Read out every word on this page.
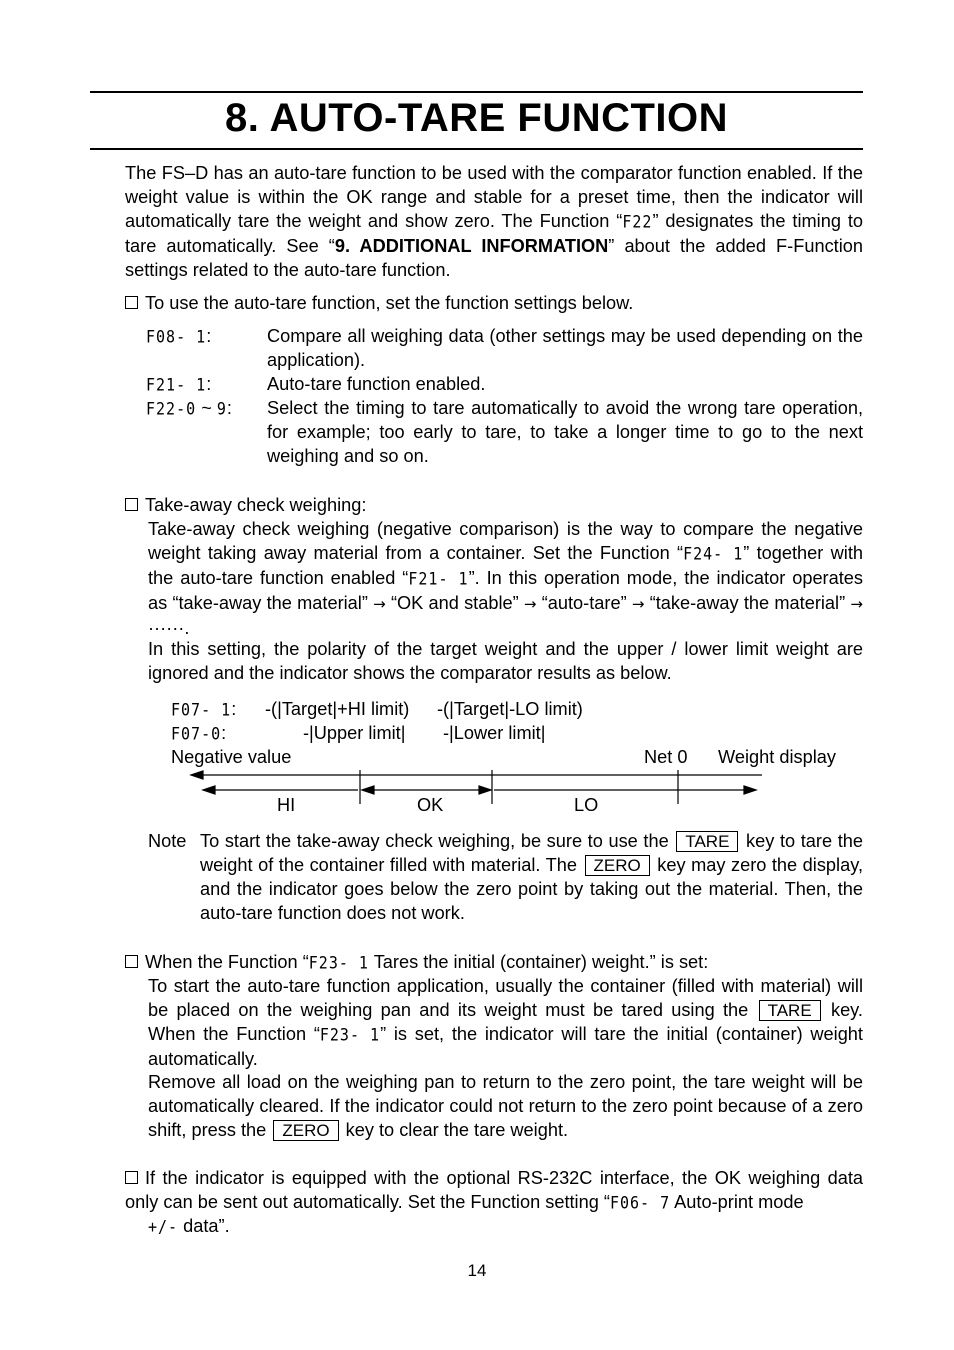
8. AUTO-TARE FUNCTION
The FS–D has an auto-tare function to be used with the comparator function enabled. If the weight value is within the OK range and stable for a preset time, then the indicator will automatically tare the weight and show zero. The Function “F22” designates the timing to tare automatically. See “9. ADDITIONAL INFORMATION” about the added F-Function settings related to the auto-tare function.
To use the auto-tare function, set the function settings below.
F08- 1:	Compare all weighing data (other settings may be used depending on the application).
F21- 1:	Auto-tare function enabled.
F22-0 ~ 9: Select the timing to tare automatically to avoid the wrong tare operation, for example; too early to tare, to take a longer time to go to the next weighing and so on.
Take-away check weighing:
Take-away check weighing (negative comparison) is the way to compare the negative weight taking away material from a container. Set the Function “F24- 1” together with the auto-tare function enabled “F21- 1”. In this operation mode, the indicator operates as “take-away the material” → “OK and stable” → “auto-tare” → “take-away the material” → ······.
In this setting, the polarity of the target weight and the upper / lower limit weight are ignored and the indicator shows the comparator results as below.
F07- 1: -(|Target|+HI limit) -(|Target|-LO limit)
F07-0:	-|Upper limit| -|Lower limit|
Negative value	Net 0 Weight display
HI	OK	LO
Note To start the take-away check weighing, be sure to use the TARE key to tare the weight of the container filled with material. The ZERO key may zero the display, and the indicator goes below the zero point by taking out the material. Then, the auto-tare function does not work.
When the Function “F23- 1 Tares the initial (container) weight.” is set:
To start the auto-tare function application, usually the container (filled with material) will be placed on the weighing pan and its weight must be tared using the TARE key. When the Function “F23- 1” is set, the indicator will tare the initial (container) weight automatically.
Remove all load on the weighing pan to return to the zero point, the tare weight will be automatically cleared. If the indicator could not return to the zero point because of a zero shift, press the ZERO key to clear the tare weight.
If the indicator is equipped with the optional RS-232C interface, the OK weighing data only can be sent out automatically. Set the Function setting “F06- 7 Auto-print mode
+/- data”.
14
